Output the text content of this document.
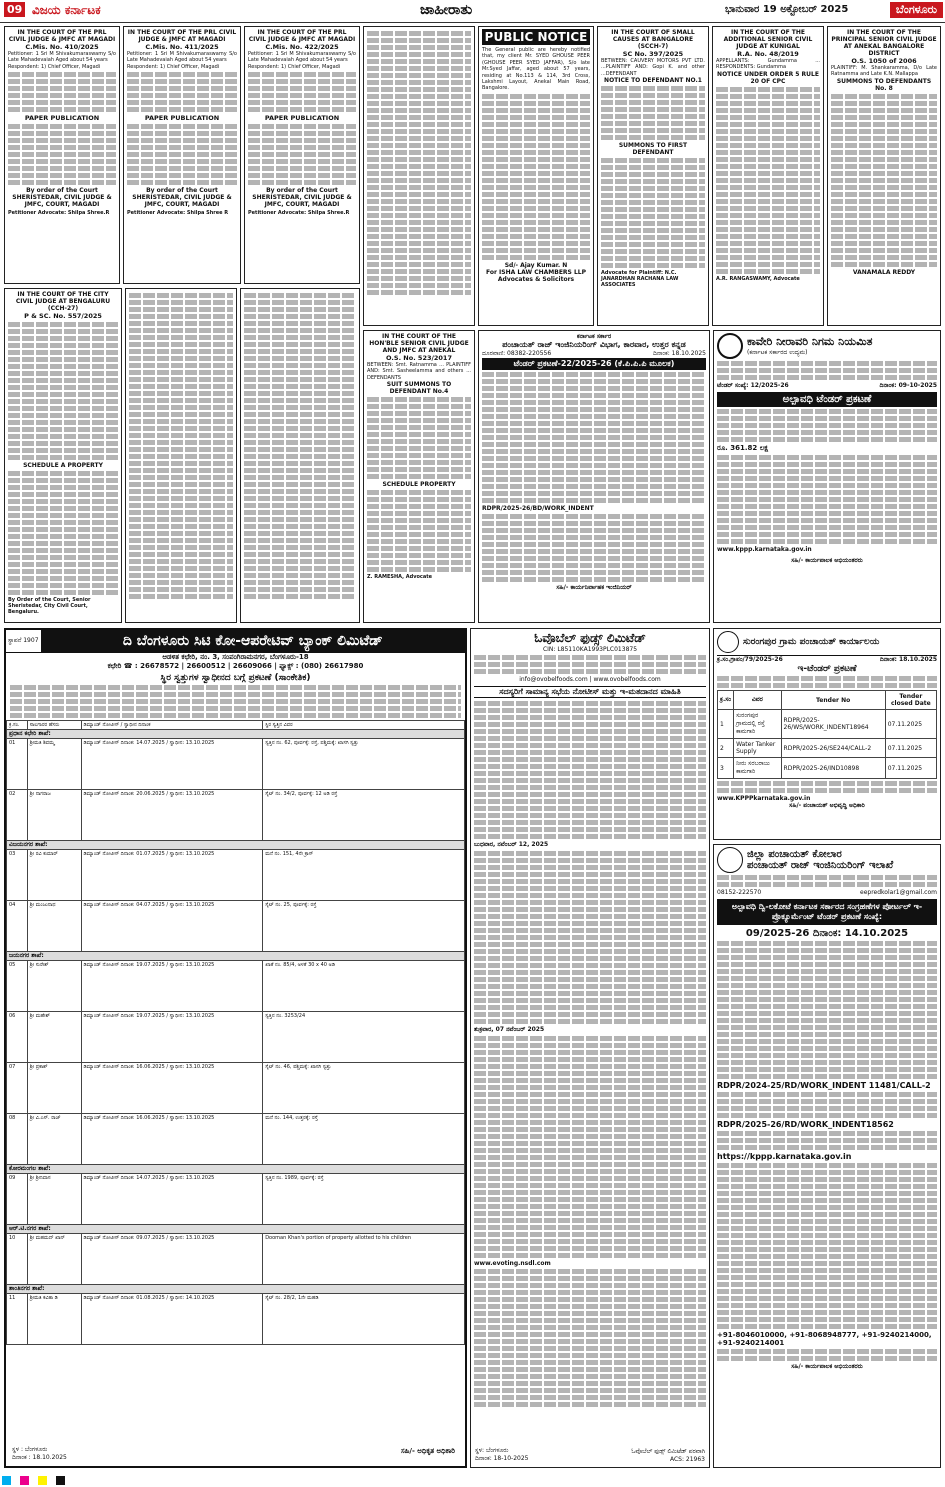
09 ವಿಜಯ ಕರ್ನಾಟಕ	ಜಾಹೀರಾತು	ಭಾನುವಾರ 19 ಅಕ್ಟೋಬರ್ 2025	ಬೆಂಗಳೂರು
IN THE COURT OF THE PRL CIVIL JUDGE & JMFC AT MAGADI
C.Mis. No. 410/2025
Petitioner: 1 Sri M Shivakumaraswamy S/o Late Mahadevaiah Aged about 54 years
Respondent: 1) Chief Officer, Magadi
PAPER PUBLICATION
By order of the Court
SHERISTEDAR, CIVIL JUDGE & JMFC, COURT, MAGADI
Petitioner Advocate: Shilpa Shree.R
IN THE COURT OF THE PRL CIVIL JUDGE & JMFC AT MAGADI
C.Mis. No. 411/2025
Petitioner: 1 Sri M Shivakumaraswamy S/o Late Mahadevaiah Aged about 54 years
Respondent: 1) Chief Officer, Magadi
PAPER PUBLICATION
By order of the Court
SHERISTEDAR, CIVIL JUDGE & JMFC, COURT, MAGADI
Petitioner Advocate: Shilpa Shree R
IN THE COURT OF THE PRL CIVIL JUDGE & JMFC AT MAGADI
C.Mis. No. 422/2025
Petitioner: 1 Sri M Shivakumaraswamy S/o Late Mahadevaiah Aged about 54 years
Respondent: 1) Chief Officer, Magadi
PAPER PUBLICATION
By order of the Court
SHERISTEDAR, CIVIL JUDGE & JMFC, COURT, MAGADI
Petitioner Advocate: Shilpa Shree.R
PUBLIC NOTICE
The General public are hereby notified that, my client Mr. SYED GHOUSE PEER (GHOUSE PEER SYED JAFFAR), S/o late Mr.Syed Jaffar, aged about 57 years, residing at No.113 & 114, 3rd Cross, Lakshmi Layout, Anekal Main Road, Bangalore.
Sd/- Ajay Kumar. N
For ISHA LAW CHAMBERS LLP Advocates & Solicitors
IN THE COURT OF SMALL CAUSES AT BANGALORE (SCCH-7)
SC No. 397/2025
BETWEEN: CAUVERY MOTORS PVT LTD. ...PLAINTIFF AND: Gopi K. and other ...DEFENDANT
NOTICE TO DEFENDANT NO.1
SUMMONS TO FIRST DEFENDANT
Advocate for Plaintiff: N.C. JANARDHAN RACHANA LAW ASSOCIATES
IN THE COURT OF THE ADDITIONAL SENIOR CIVIL JUDGE AT KUNIGAL
R.A. No. 48/2019
APPELLANTS: Gundamma ... RESPONDENTS: Gundamma
NOTICE UNDER ORDER 5 RULE 20 OF CPC
A.R. RANGASWAMY, Advocate
IN THE COURT OF THE PRINCIPAL SENIOR CIVIL JUDGE AT ANEKAL BANGALORE DISTRICT
O.S. 1050 of 2006
PLAINTIFF: M. Shankaramma, D/o Late Ratnamma and Late K.N. Mallappa
SUMMONS TO DEFENDANTS No. 8
VANAMALA REDDY
IN THE COURT OF THE CITY CIVIL JUDGE AT BENGALURU (CCH-27)
P & SC. No. 557/2025
SCHEDULE A PROPERTY
By Order of the Court, Senior Sheristedar, City Civil Court, Bengaluru.
IN THE COURT OF THE HON'BLE SENIOR CIVIL JUDGE AND JMFC AT ANEKAL
O.S. No. 523/2017
BETWEEN: Smt. Ratnamma ... PLAINTIFF AND: Smt. Sasheelamma and others ... DEFENDANTS
SUIT SUMMONS TO DEFENDANT No.4
SCHEDULE PROPERTY
Z. RAMESHA, Advocate
ಕರ್ನಾಟಕ ಸರ್ಕಾರ
ಪಂಚಾಯತ್ ರಾಜ್ ಇಂಜಿನಿಯರಿಂಗ್ ವಿಭಾಗ, ಕಾರವಾರ, ಉತ್ತರ ಕನ್ನಡ
ದೂರವಾಣಿ: 08382-220556	ದಿನಾಂಕ: 18.10.2025
ಟೆಂಡರ್ ಪ್ರಕಟಣೆ-22/2025-26 (ಕೆ.ಪಿ.ಪಿ.ಪಿ ಮೂಲಕ)
RDPR/2025-26/BD/WORK_INDENT
ಸಹಿ/- ಕಾರ್ಯನಿರ್ವಾಹಕ ಇಂಜಿನಿಯರ್
ಕಾವೇರಿ ನೀರಾವರಿ ನಿಗಮ ನಿಯಮಿತ
(ಕರ್ನಾಟಕ ಸರ್ಕಾರದ ಉದ್ಯಮ)
ಟೆಂಡರ್ ಸಂಖ್ಯೆ: 12/2025-26	ದಿನಾಂಕ: 09-10-2025
ಅಲ್ಪಾವಧಿ ಟೆಂಡರ್ ಪ್ರಕಟಣೆ
ರೂ. 361.82 ಲಕ್ಷ
www.kppp.karnataka.gov.in
ಸಹಿ/- ಕಾರ್ಯಪಾಲಕ ಅಭಿಯಂತರರು
ಸ್ಥಾಪನೆ 1907	ದಿ ಬೆಂಗಳೂರು ಸಿಟಿ ಕೋ-ಆಪರೇಟಿವ್ ಬ್ಯಾಂಕ್ ಲಿಮಿಟೆಡ್
ಆಡಳಿತ ಕಛೇರಿ, ನಂ. 3, ಸಂಪಂಗಿರಾಮನಗರ, ಬೆಂಗಳೂರು-18
ಕಛೇರಿ ☎ : 26678572 | 26600512 | 26609066 | ಫ್ಯಾಕ್ಸ್ : (080) 26617980
ಸ್ಥಿರ ಸ್ವತ್ತುಗಳ ಸ್ವಾಧೀನದ ಬಗ್ಗೆ ಪ್ರಕಟಣೆ (ಸಾಂಕೇತಿಕ)
ಕ್ರ.ಸಂ.	ಸಾಲಗಾರರ ಹೆಸರು	ಡಿಮ್ಯಾಂಡ್ ನೋಟೀಸ್ / ಸ್ವಾಧೀನ ದಿನಾಂಕ	ಸ್ಥಿರ ಸ್ವತ್ತಿನ ವಿವರ
ಪ್ರಧಾನ ಕಛೇರಿ ಶಾಖೆ:			
01	ಶ್ರೀಮತಿ ಶಿವಮ್ಮ	ಡಿಮ್ಯಾಂಡ್ ನೋಟೀಸ್ ದಿನಾಂಕ: 14.07.2025 / ಸ್ವಾಧೀನ: 13.10.2025	ಸ್ವತ್ತಿನ ನಂ. 62, ಪೂರ್ವಕ್ಕೆ: ರಸ್ತೆ, ಪಶ್ಚಿಮಕ್ಕೆ: ಖಾಸಗಿ ಸ್ವತ್ತು
02	ಶ್ರೀ ನಾಗರಾಜ	ಡಿಮ್ಯಾಂಡ್ ನೋಟೀಸ್ ದಿನಾಂಕ: 20.06.2025 / ಸ್ವಾಧೀನ: 13.10.2025	ಸೈಟ್ ನಂ. 34/2, ಪೂರ್ವಕ್ಕೆ: 12 ಅಡಿ ರಸ್ತೆ
ವಿಜಯನಗರ ಶಾಖೆ:			
03	ಶ್ರೀ ರವಿ ಕುಮಾರ್	ಡಿಮ್ಯಾಂಡ್ ನೋಟೀಸ್ ದಿನಾಂಕ: 01.07.2025 / ಸ್ವಾಧೀನ: 13.10.2025	ಮನೆ ನಂ. 151, 4ನೇ ಕ್ರಾಸ್
04	ಶ್ರೀ ಮಂಜುನಾಥ	ಡಿಮ್ಯಾಂಡ್ ನೋಟೀಸ್ ದಿನಾಂಕ: 04.07.2025 / ಸ್ವಾಧೀನ: 13.10.2025	ಸೈಟ್ ನಂ. 25, ಪೂರ್ವಕ್ಕೆ: ರಸ್ತೆ
ಜಯನಗರ ಶಾಖೆ:			
05	ಶ್ರೀ ಸುರೇಶ್	ಡಿಮ್ಯಾಂಡ್ ನೋಟೀಸ್ ದಿನಾಂಕ: 19.07.2025 / ಸ್ವಾಧೀನ: 13.10.2025	ಖಾತೆ ನಂ. 85/4, ಅಳತೆ 30 x 40 ಅಡಿ
06	ಶ್ರೀ ಮಹೇಶ್	ಡಿಮ್ಯಾಂಡ್ ನೋಟೀಸ್ ದಿನಾಂಕ: 19.07.2025 / ಸ್ವಾಧೀನ: 13.10.2025	ಸ್ವತ್ತಿನ ನಂ. 3253/24
07	ಶ್ರೀ ಪ್ರಕಾಶ್	ಡಿಮ್ಯಾಂಡ್ ನೋಟೀಸ್ ದಿನಾಂಕ: 16.06.2025 / ಸ್ವಾಧೀನ: 13.10.2025	ಸೈಟ್ ನಂ. 46, ಪಶ್ಚಿಮಕ್ಕೆ: ಖಾಸಗಿ ಸ್ವತ್ತು
08	ಶ್ರೀ ವಿ.ಎಸ್. ರಾಜ್	ಡಿಮ್ಯಾಂಡ್ ನೋಟೀಸ್ ದಿನಾಂಕ: 16.06.2025 / ಸ್ವಾಧೀನ: 13.10.2025	ಮನೆ ನಂ. 144, ಉತ್ತರಕ್ಕೆ: ರಸ್ತೆ
ಕೋರಮಂಗಲ ಶಾಖೆ:			
09	ಶ್ರೀ ಶ್ರೀನಿವಾಸ	ಡಿಮ್ಯಾಂಡ್ ನೋಟೀಸ್ ದಿನಾಂಕ: 14.07.2025 / ಸ್ವಾಧೀನ: 13.10.2025	ಸ್ವತ್ತಿನ ನಂ. 1989, ಪೂರ್ವಕ್ಕೆ: ರಸ್ತೆ
ಆರ್.ಟಿ.ನಗರ ಶಾಖೆ:			
10	ಶ್ರೀ ಮಹಮದ್ ಖಾನ್	ಡಿಮ್ಯಾಂಡ್ ನೋಟೀಸ್ ದಿನಾಂಕ: 09.07.2025 / ಸ್ವಾಧೀನ: 13.10.2025	Dooman Khan's portion of property allotted to his children
ಶಾಂತಿನಗರ ಶಾಖೆ:			
11	ಶ್ರೀಮತಿ ಕವಿತಾ ಡಿ	ಡಿಮ್ಯಾಂಡ್ ನೋಟೀಸ್ ದಿನಾಂಕ: 01.08.2025 / ಸ್ವಾಧೀನ: 14.10.2025	ಸೈಟ್ ನಂ. 28/2, 1ನೇ ಮಹಡಿ
ಸ್ಥಳ : ಬೆಂಗಳೂರು
ದಿನಾಂಕ : 18.10.2025
ಸಹಿ/- ಅಧಿಕೃತ ಅಧಿಕಾರಿ
ಓವೊಬೆಲ್ ಫುಡ್ಸ್ ಲಿಮಿಟೆಡ್
CIN: L85110KA1993PLC013875
info@ovobelfoods.com | www.ovobelfoods.com
ಸದಸ್ಯರಿಗೆ ಸಾಮಾನ್ಯ ಸಭೆಯ ನೋಟೀಸ್ ಮತ್ತು ಇ-ಮತದಾನದ ಮಾಹಿತಿ
ಬುಧವಾರ, ನವೆಂಬರ್ 12, 2025
ಶುಕ್ರವಾರ, 07 ನವೆಂಬರ್ 2025
www.evoting.nsdl.com
ಸ್ಥಳ: ಬೆಂಗಳೂರು
ದಿನಾಂಕ: 18-10-2025
ಓವೊಬೆಲ್ ಫುಡ್ಸ್ ಲಿಮಿಟೆಡ್ ಪರವಾಗಿ
ACS: 21963
ಸುರಂಗಪುರ ಗ್ರಾಮ ಪಂಚಾಯತ್ ಕಾರ್ಯಾಲಯ
ಕ್ರ.ಸಂ.ಗ್ರಾಪಂ/79/2025-26	ದಿನಾಂಕ: 18.10.2025
ಇ-ಟೆಂಡರ್ ಪ್ರಕಟಣೆ
ಕ್ರ.ಸಂ	ವಿವರ	Tender No	Tender closed Date
1	ಸುರಂಗಪುರ ಗ್ರಾಮದಲ್ಲಿ ರಸ್ತೆ ಕಾಮಗಾರಿ	RDPR/2025-26/WS/WORK_INDENT18964	07.11.2025
2	Water Tanker Supply	RDPR/2025-26/SE244/CALL-2	07.11.2025
3	ನೀರು ಸರಬರಾಜು ಕಾಮಗಾರಿ	RDPR/2025-26/IND10898	07.11.2025
www.KPPPkarnataka.gov.in
ಸಹಿ/- ಪಂಚಾಯತ್ ಅಭಿವೃದ್ಧಿ ಅಧಿಕಾರಿ
ಜಿಲ್ಲಾ ಪಂಚಾಯತ್ ಕೋಲಾರ
ಪಂಚಾಯತ್ ರಾಜ್ ಇಂಜಿನಿಯರಿಂಗ್ ಇಲಾಖೆ
08152-222570	eepredkolar1@gmail.com
ಅಲ್ಪಾವಧಿ ದ್ವಿ-ಲಕೋಟೆ ಕರ್ನಾಟಕ ಸರ್ಕಾರದ ಸಂಗ್ರಹಣೆಗಳ ಪೋರ್ಟಲ್ ಇ-ಪ್ರೊಕ್ಯೂರ್ಮೆಂಟ್ ಟೆಂಡರ್ ಪ್ರಕಟಣೆ ಸಂಖ್ಯೆ:
09/2025-26 ದಿನಾಂಕ: 14.10.2025
RDPR/2024-25/RD/WORK_INDENT 11481/CALL-2
RDPR/2025-26/RD/WORK_INDENT18562
https://kppp.karnataka.gov.in
+91-8046010000, +91-8068948777, +91-9240214000, +91-9240214001
ಸಹಿ/- ಕಾರ್ಯಪಾಲಕ ಅಭಿಯಂತರರು
